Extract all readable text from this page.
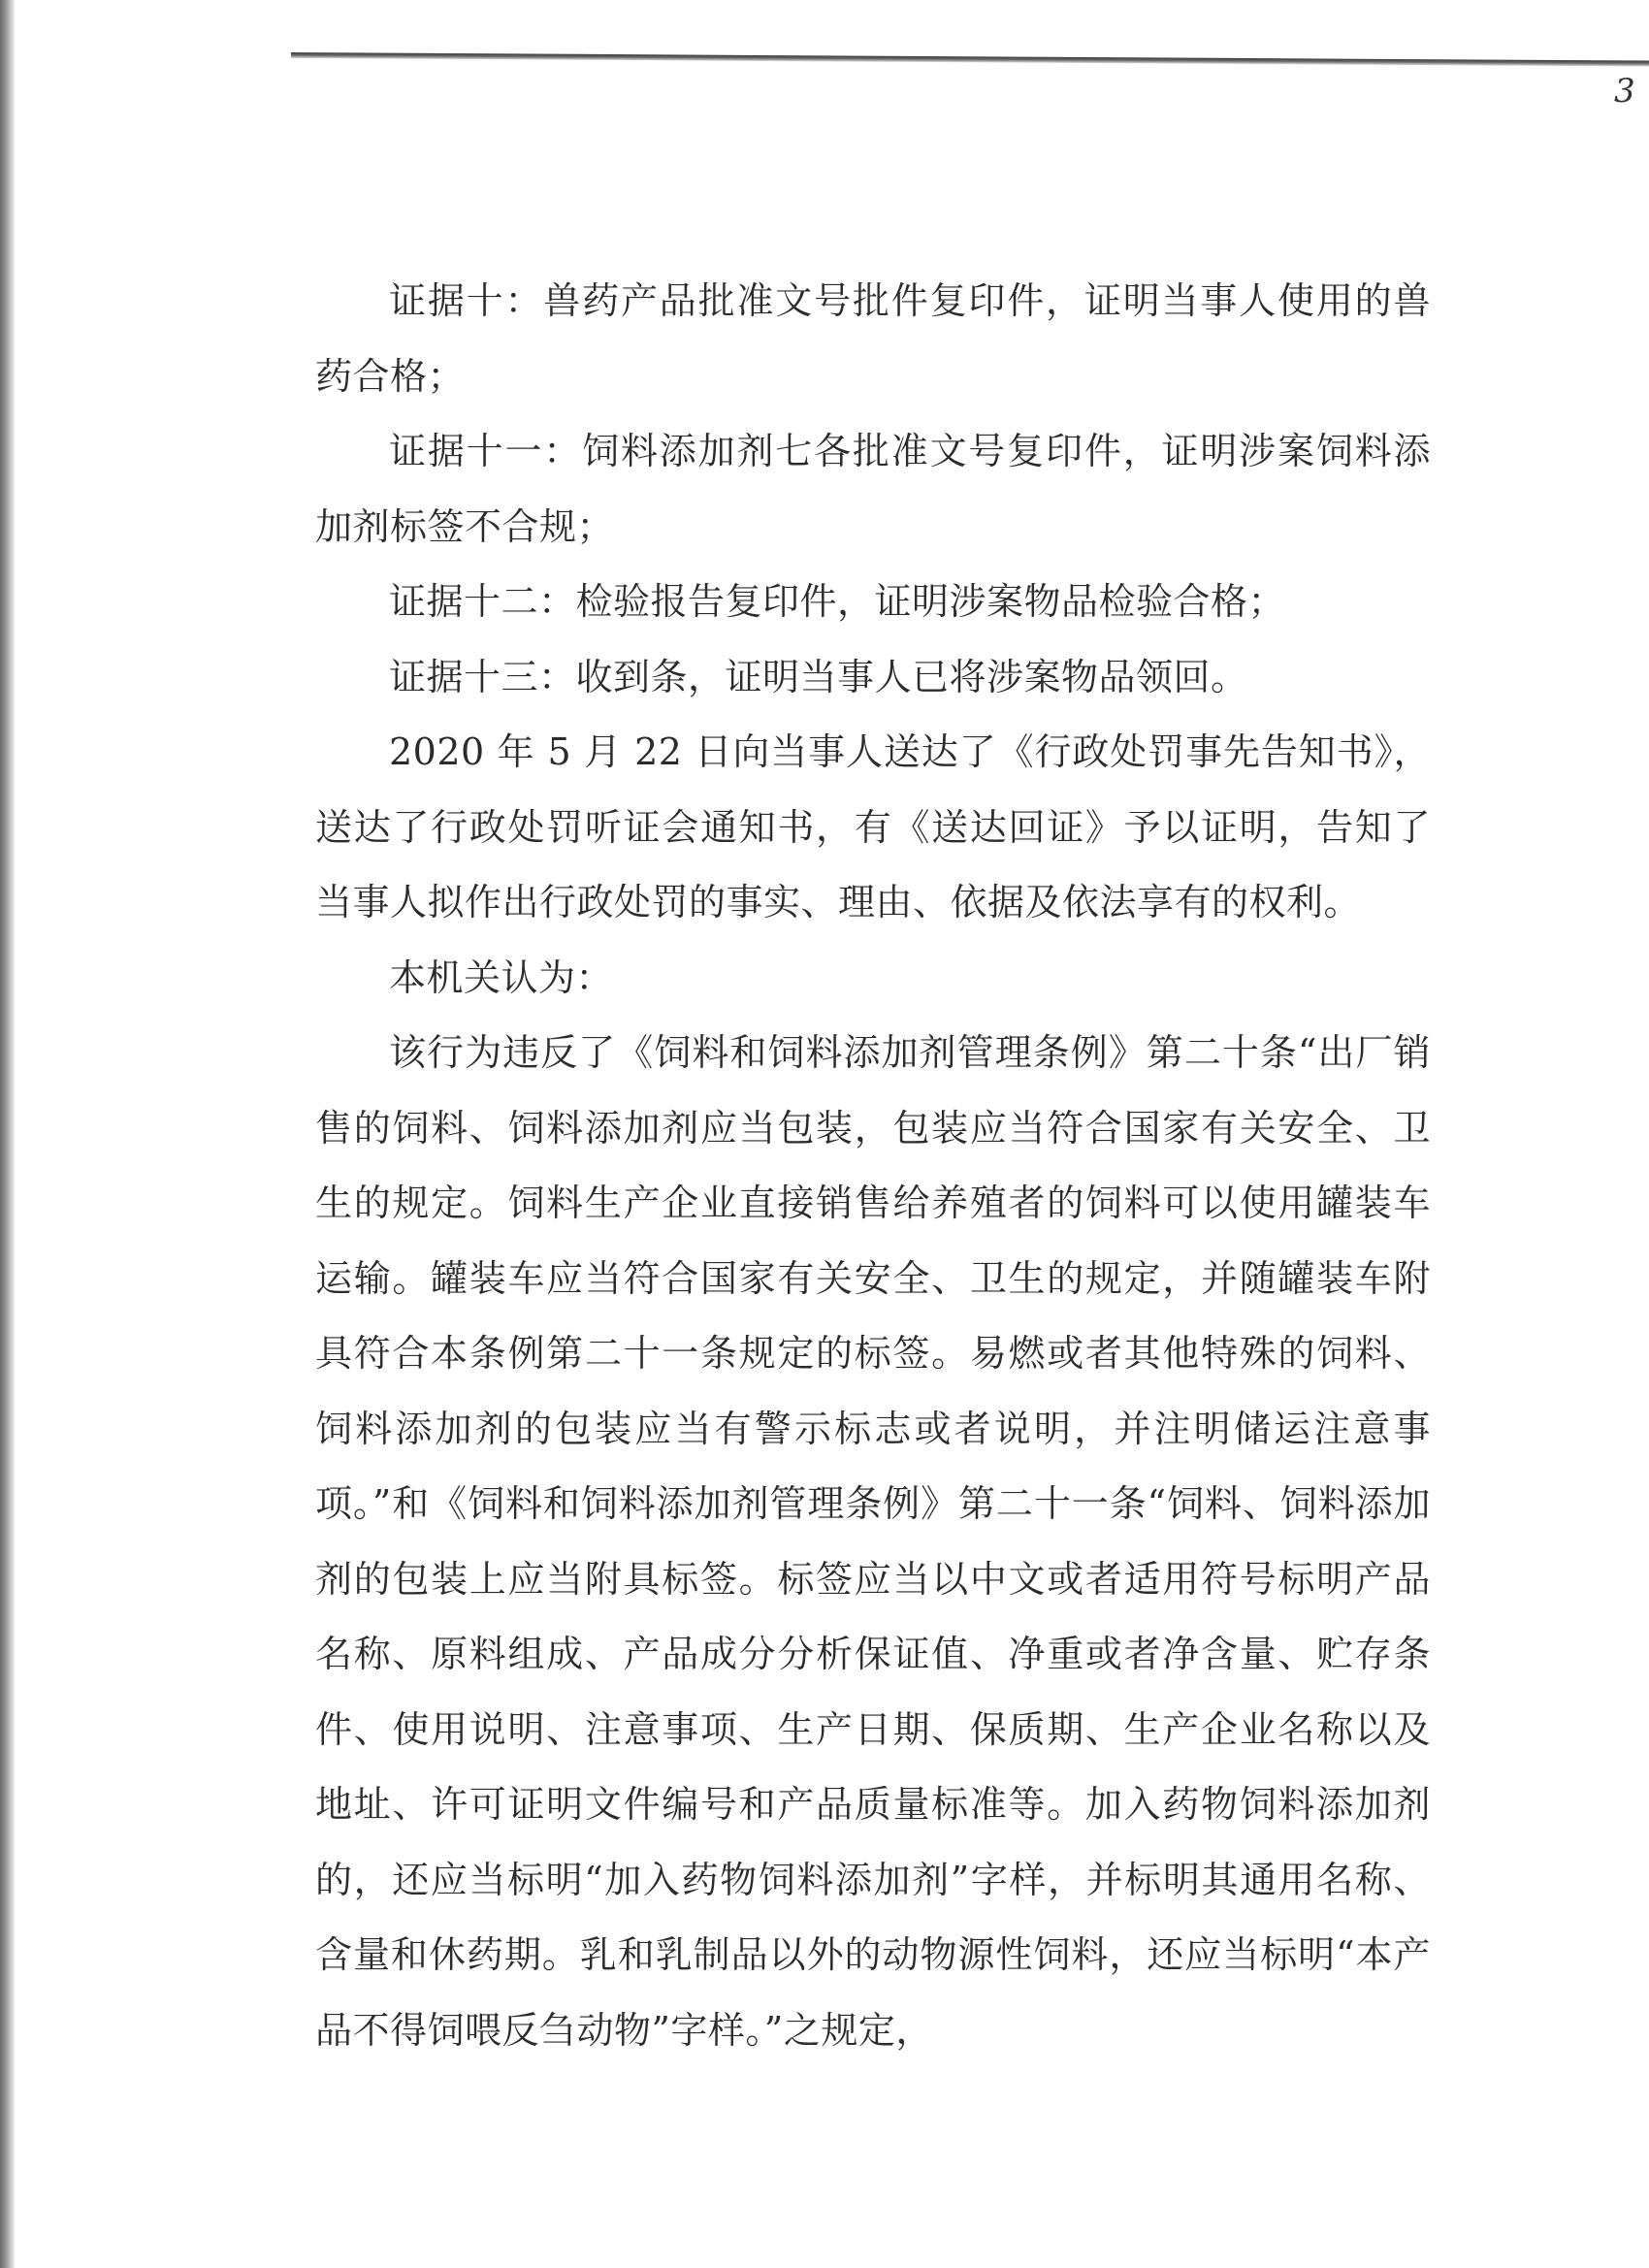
3

证据十：兽药产品批准文号批件复印件，证明当事人使用的兽药合格；

证据十一：饲料添加剂七各批准文号复印件，证明涉案饲料添加剂标签不合规；

证据十二：检验报告复印件，证明涉案物品检验合格；

证据十三：收到条，证明当事人已将涉案物品领回。

2020 年 5 月 22 日向当事人送达了《行政处罚事先告知书》，送达了行政处罚听证会通知书，有《送达回证》予以证明，告知了当事人拟作出行政处罚的事实、理由、依据及依法享有的权利。

本机关认为：

该行为违反了《饲料和饲料添加剂管理条例》第二十条“出厂销售的饲料、饲料添加剂应当包装，包装应当符合国家有关安全、卫生的规定。饲料生产企业直接销售给养殖者的饲料可以使用罐装车运输。罐装车应当符合国家有关安全、卫生的规定，并随罐装车附具符合本条例第二十一条规定的标签。易燃或者其他特殊的饲料、饲料添加剂的包装应当有警示标志或者说明，并注明储运注意事项。”和《饲料和饲料添加剂管理条例》第二十一条“饲料、饲料添加剂的包装上应当附具标签。标签应当以中文或者适用符号标明产品名称、原料组成、产品成分分析保证值、净重或者净含量、贮存条件、使用说明、注意事项、生产日期、保质期、生产企业名称以及地址、许可证明文件编号和产品质量标准等。加入药物饲料添加剂的，还应当标明“加入药物饲料添加剂”字样，并标明其通用名称、含量和休药期。乳和乳制品以外的动物源性饲料，还应当标明“本产品不得饲喂反刍动物”字样。”之规定，
